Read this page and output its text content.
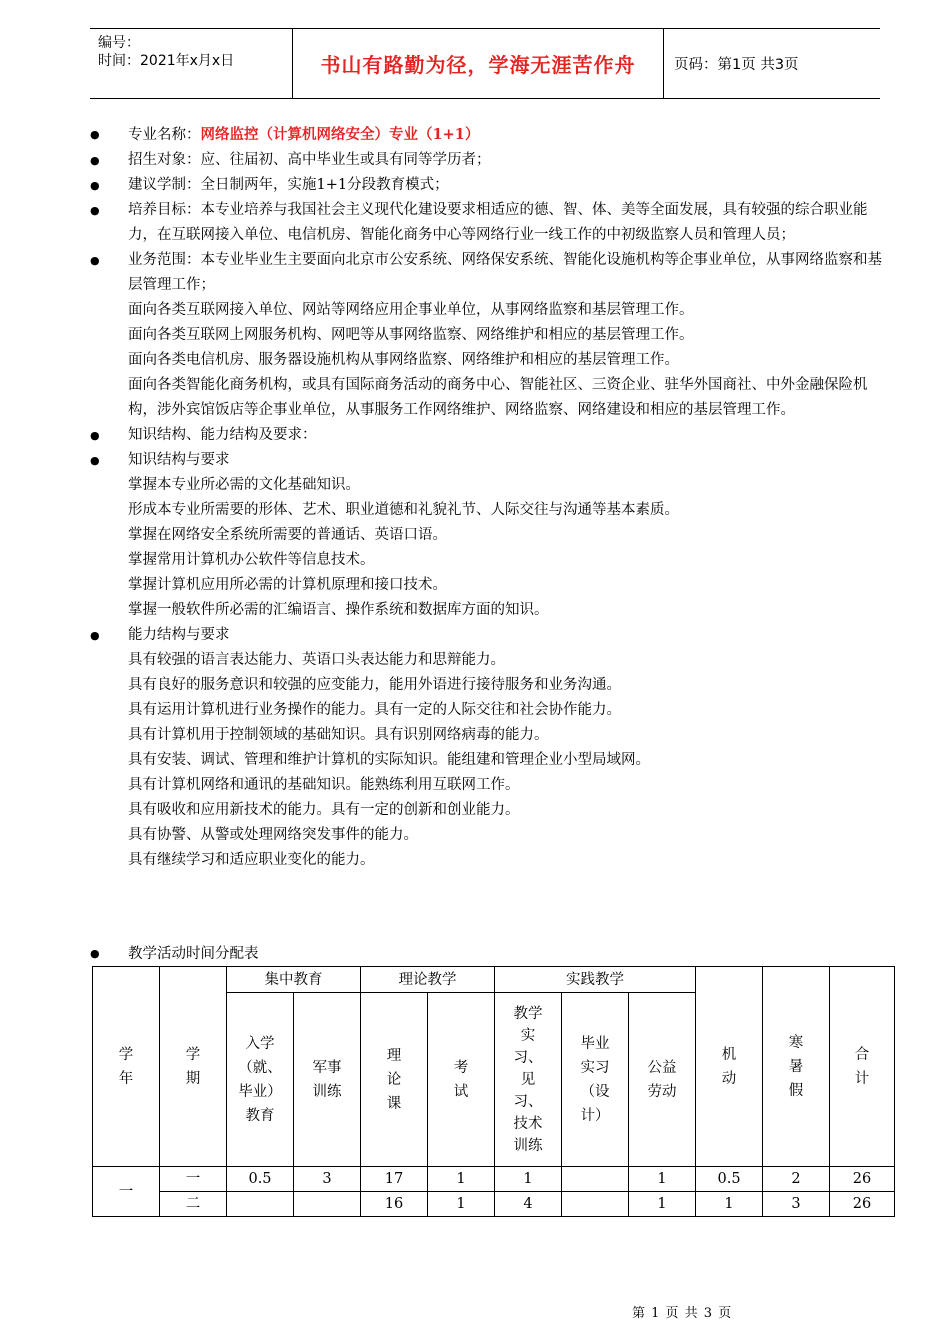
编号：
时间：2021年x月x日	书山有路勤为径，学海无涯苦作舟	页码：第1页 共3页
● 专业名称：网络监控（计算机网络安全）专业（1+1）
● 招生对象：应、往届初、高中毕业生或具有同等学历者；
● 建议学制：全日制两年，实施1+1分段教育模式；
● 培养目标：本专业培养与我国社会主义现代化建设要求相适应的德、智、体、美等全面发展，具有较强的综合职业能力，在互联网接入单位、电信机房、智能化商务中心等网络行业一线工作的中初级监察人员和管理人员；
● 业务范围：本专业毕业生主要面向北京市公安系统、网络保安系统、智能化设施机构等企事业单位，从事网络监察和基层管理工作；
面向各类互联网接入单位、网站等网络应用企事业单位，从事网络监察和基层管理工作。
面向各类互联网上网服务机构、网吧等从事网络监察、网络维护和相应的基层管理工作。
面向各类电信机房、服务器设施机构从事网络监察、网络维护和相应的基层管理工作。
面向各类智能化商务机构，或具有国际商务活动的商务中心、智能社区、三资企业、驻华外国商社、中外金融保险机构，涉外宾馆饭店等企事业单位，从事服务工作网络维护、网络监察、网络建设和相应的基层管理工作。
● 知识结构、能力结构及要求：
● 知识结构与要求
掌握本专业所必需的文化基础知识。
形成本专业所需要的形体、艺术、职业道德和礼貌礼节、人际交往与沟通等基本素质。
掌握在网络安全系统所需要的普通话、英语口语。
掌握常用计算机办公软件等信息技术。
掌握计算机应用所必需的计算机原理和接口技术。
掌握一般软件所必需的汇编语言、操作系统和数据库方面的知识。
● 能力结构与要求
具有较强的语言表达能力、英语口头表达能力和思辩能力。
具有良好的服务意识和较强的应变能力，能用外语进行接待服务和业务沟通。
具有运用计算机进行业务操作的能力。具有一定的人际交往和社会协作能力。
具有计算机用于控制领域的基础知识。具有识别网络病毒的能力。
具有安装、调试、管理和维护计算机的实际知识。能组建和管理企业小型局域网。
具有计算机网络和通讯的基础知识。能熟练利用互联网工作。
具有吸收和应用新技术的能力。具有一定的创新和创业能力。
具有协警、从警或处理网络突发事件的能力。
具有继续学习和适应职业变化的能力。
● 教学活动时间分配表
学年	学期	集中教育		理论教学		实践教学			机动	寒暑假	合计

		入学（就、毕业）教育	军事训练	理论课	考试	教学实习、见习、技术训练	毕业实习（设计）	公益劳动			

一	一	0.5	3	17	1	1		1	0.5	2	26
	二			16	1	4		1	1	3	26
第 1 页 共 3 页
